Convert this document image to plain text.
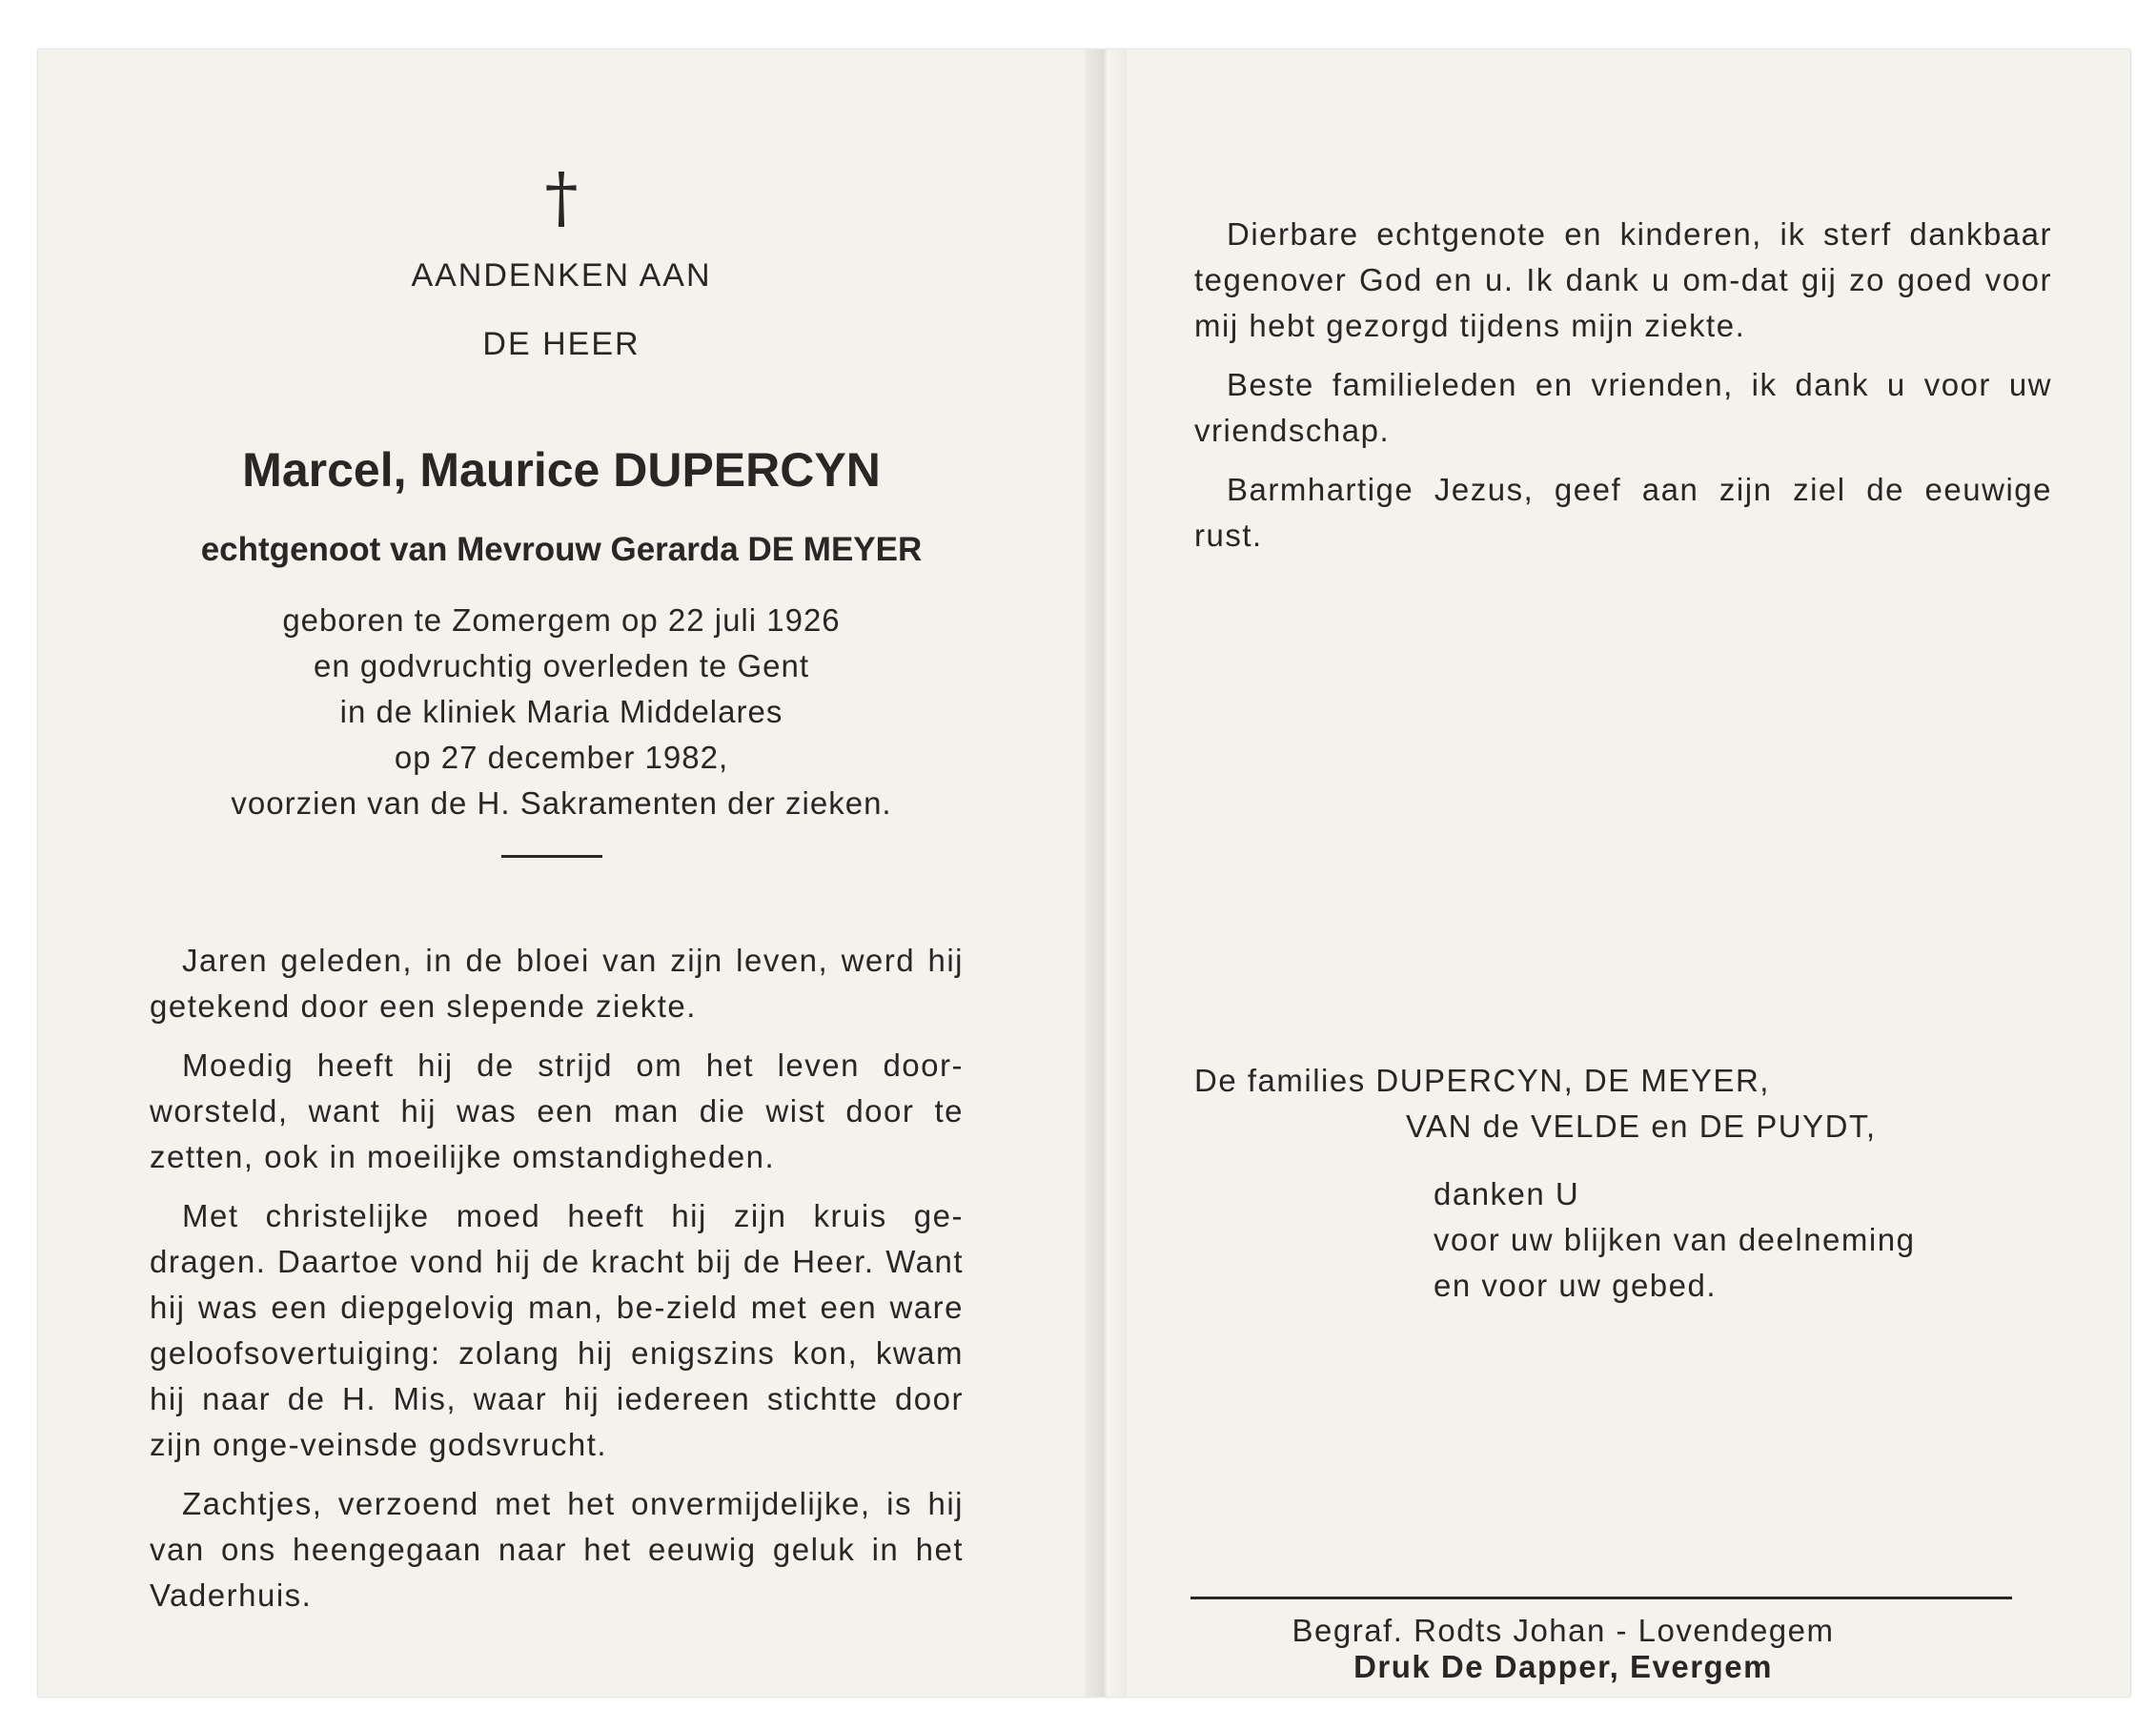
†
AANDENKEN AAN
DE HEER
Marcel, Maurice DUPERCYN
echtgenoot van Mevrouw Gerarda DE MEYER
geboren te Zomergem op 22 juli 1926
en godvruchtig overleden te Gent
in de kliniek Maria Middelares
op 27 december 1982,
voorzien van de H. Sakramenten der zieken.

Jaren geleden, in de bloei van zijn leven, werd hij getekend door een slepende ziekte.

Moedig heeft hij de strijd om het leven door-worsteld, want hij was een man die wist door te zetten, ook in moeilijke omstandigheden.

Met christelijke moed heeft hij zijn kruis ge-dragen. Daartoe vond hij de kracht bij de Heer. Want hij was een diepgelovig man, be-zield met een ware geloofsovertuiging: zolang hij enigszins kon, kwam hij naar de H. Mis, waar hij iedereen stichtte door zijn onge-veinsde godsvrucht.

Zachtjes, verzoend met het onvermijdelijke, is hij van ons heengegaan naar het eeuwig geluk in het Vaderhuis.

Dierbare echtgenote en kinderen, ik sterf dankbaar tegenover God en u. Ik dank u om-dat gij zo goed voor mij hebt gezorgd tijdens mijn ziekte.

Beste familieleden en vrienden, ik dank u voor uw vriendschap.

Barmhartige Jezus, geef aan zijn ziel de eeuwige rust.

De families DUPERCYN, DE MEYER,
VAN de VELDE en DE PUYDT,
danken U
voor uw blijken van deelneming
en voor uw gebed.
Begraf. Rodts Johan - Lovendegem
Druk De Dapper, Evergem
